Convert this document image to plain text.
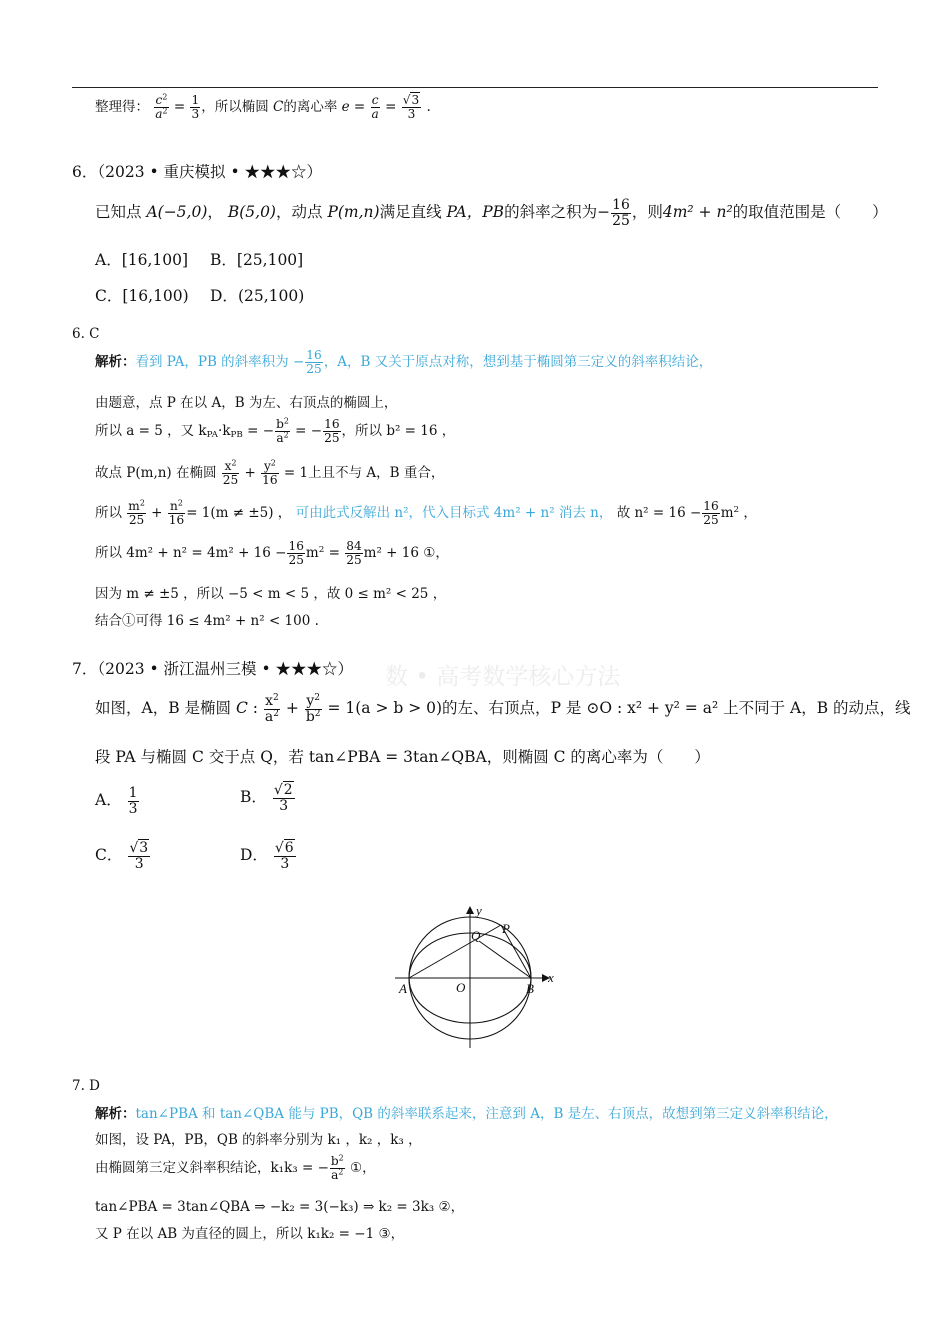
整理得： $\frac{c^2}{a^2} = \frac{1}{3}$ ，所以椭圆 C的离心率 $e = \frac{c}{a} = \frac{√3}{3}$ .
6．（2023 • 重庆模拟 • ★★★☆）
已知点 A(−5,0)， B(5,0)，动点 P(m,n)满足直线 PA，PB的斜率之积为− $\frac{16}{25}$ ，则4m² + n²的取值范围是（　　）
A．[16,100] B．[25,100]
C．[16,100) D．(25,100)
6. C
解析：看到 PA，PB 的斜率积为 − $\frac{16}{25}$ ，A，B 又关于原点对称，想到基于椭圆第三定义的斜率积结论，
由题意，点 P 在以 A，B 为左、右顶点的椭圆上，
所以 a = 5 ，又 $k_{PA}\cdot k_{PB}$ = − $\frac{b^2}{a^2}$ = − $\frac{16}{25}$ ，所以 b² = 16 ，
故点 P(m,n) 在椭圆 $\frac{x^2}{25} + \frac{y^2}{16} = 1$上且不与 A，B 重合，
所以 $\frac{m^2}{25} + \frac{n^2}{16} = 1(m \ne \pm 5)$ ， 可由此式反解出 n²，代入目标式 4m² + n² 消去 n， 故 $n^2 = 16 - \frac{16}{25} m^2$ ，
所以 $4m^2 + n^2 = 4m^2 + 16 - \frac{16}{25} m^2 = \frac{84}{25} m^2 + 16$ ①，
因为 m ≠ ±5 ，所以 −5 < m < 5 ，故 0 ≤ m² < 25 ，
结合①可得 16 ≤ 4m² + n² < 100 .
数 • 高考数学核心方法
7．（2023 • 浙江温州三模 • ★★★☆）
如图，A，B 是椭圆 C : $\frac{x^2}{a^2} + \frac{y^2}{b^2} = 1(a > b > 0)$的左、右顶点，P 是 ⊙O : x² + y² = a² 上不同于 A，B 的动点，线
段 PA 与椭圆 C 交于点 Q，若 tan∠PBA = 3tan∠QBA，则椭圆 C 的离心率为（　　）
A． $\frac{1}{3}$	B． $\frac{√2}{3}$
C． $\frac{√3}{3}$	D． $\frac{√6}{3}$
x
y
A	B
O
P
Q
7. D
解析：tan∠PBA 和 tan∠QBA 能与 PB，QB 的斜率联系起来，注意到 A，B 是左、右顶点，故想到第三定义斜率积结论，
如图，设 PA，PB，QB 的斜率分别为 k₁ ，k₂ ，k₃ ，
由椭圆第三定义斜率积结论，k₁k₃ = − $\frac{b^2}{a^2}$ ①，
tan∠PBA = 3tan∠QBA ⇒ −k₂ = 3(−k₃) ⇒ k₂ = 3k₃ ②，
又 P 在以 AB 为直径的圆上，所以 k₁k₂ = −1 ③，
